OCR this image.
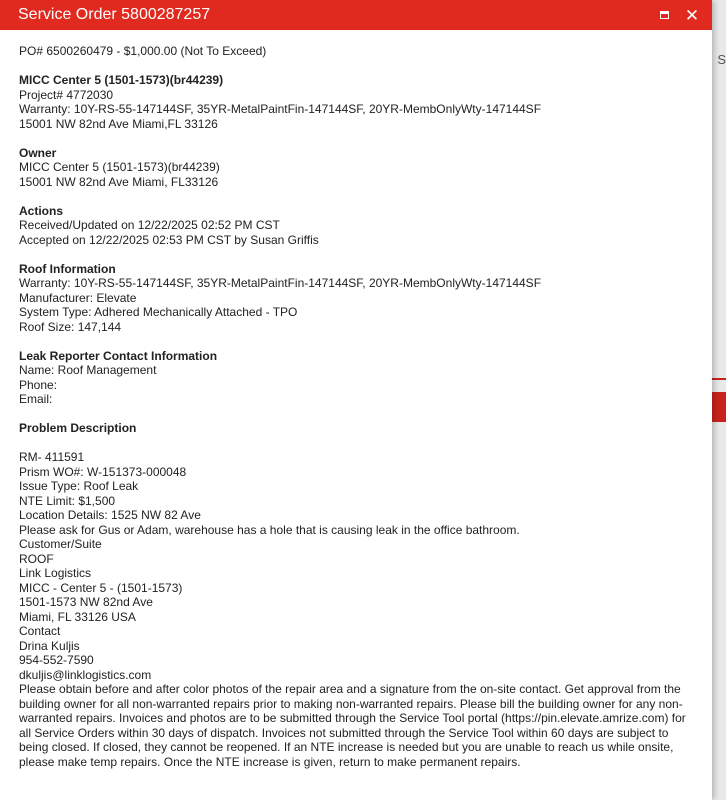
S
Service Order 5800287257	✕
PO# 6500260479 - $1,000.00 (Not To Exceed)
MICC Center 5 (1501-1573)(br44239)
Project# 4772030
Warranty: 10Y-RS-55-147144SF, 35YR-MetalPaintFin-147144SF, 20YR-MembOnlyWty-147144SF
15001 NW 82nd Ave Miami,FL 33126
Owner
MICC Center 5 (1501-1573)(br44239)
15001 NW 82nd Ave Miami, FL33126
Actions
Received/Updated on 12/22/2025 02:52 PM CST
Accepted on 12/22/2025 02:53 PM CST by Susan Griffis
Roof Information
Warranty: 10Y-RS-55-147144SF, 35YR-MetalPaintFin-147144SF, 20YR-MembOnlyWty-147144SF
Manufacturer: Elevate
System Type: Adhered Mechanically Attached - TPO
Roof Size: 147,144
Leak Reporter Contact Information
Name: Roof Management
Phone:
Email:
Problem Description
RM- 411591
Prism WO#: W-151373-000048
Issue Type: Roof Leak
NTE Limit: $1,500
Location Details: 1525 NW 82 Ave
Please ask for Gus or Adam, warehouse has a hole that is causing leak in the office bathroom.
Customer/Suite
ROOF
Link Logistics
MICC - Center 5 - (1501-1573)
1501-1573 NW 82nd Ave
Miami, FL 33126 USA
Contact
Drina Kuljis
954-552-7590
dkuljis@linklogistics.com
Please obtain before and after color photos of the repair area and a signature from the on-site contact. Get approval from the building owner for all non-warranted repairs prior to making non-warranted repairs. Please bill the building owner for any non-warranted repairs. Invoices and photos are to be submitted through the Service Tool portal (https://pin.elevate.amrize.com) for all Service Orders within 30 days of dispatch. Invoices not submitted through the Service Tool within 60 days are subject to being closed. If closed, they cannot be reopened. If an NTE increase is needed but you are unable to reach us while onsite, please make temp repairs. Once the NTE increase is given, return to make permanent repairs.
